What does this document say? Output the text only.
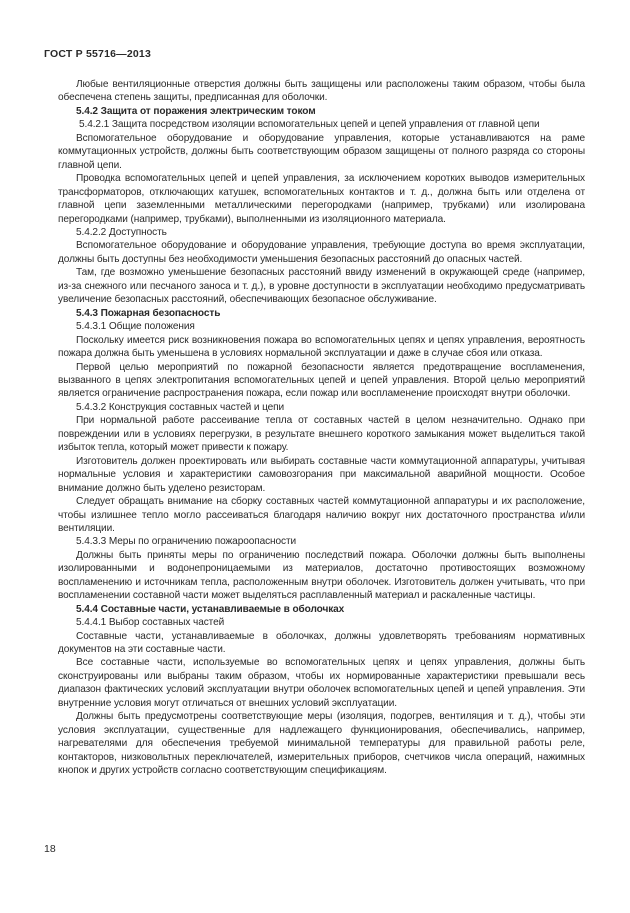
ГОСТ Р 55716—2013

Любые вентиляционные отверстия должны быть защищены или расположены таким образом, чтобы была обеспечена степень защиты, предписанная для оболочки.

5.4.2 Защита от поражения электрическим током

5.4.2.1 Защита посредством изоляции вспомогательных цепей и цепей управления от главной цепи

Вспомогательное оборудование и оборудование управления, которые устанавливаются на раме коммутационных устройств, должны быть соответствующим образом защищены от полного разряда со стороны главной цепи.

Проводка вспомогательных цепей и цепей управления, за исключением коротких выводов измерительных трансформаторов, отключающих катушек, вспомогательных контактов и т. д., должна быть или отделена от главной цепи заземленными металлическими перегородками (например, трубками) или изолирована перегородками (например, трубками), выполненными из изоляционного материала.

5.4.2.2 Доступность

Вспомогательное оборудование и оборудование управления, требующие доступа во время эксплуатации, должны быть доступны без необходимости уменьшения безопасных расстояний до опасных частей.

Там, где возможно уменьшение безопасных расстояний ввиду изменений в окружающей среде (например, из-за снежного или песчаного заноса и т. д.), в уровне доступности в эксплуатации необходимо предусматривать увеличение безопасных расстояний, обеспечивающих безопасное обслуживание.

5.4.3 Пожарная безопасность

5.4.3.1 Общие положения

Поскольку имеется риск возникновения пожара во вспомогательных цепях и цепях управления, вероятность пожара должна быть уменьшена в условиях нормальной эксплуатации и даже в случае сбоя или отказа.

Первой целью мероприятий по пожарной безопасности является предотвращение воспламенения, вызванного в цепях электропитания вспомогательных цепей и цепей управления. Второй целью мероприятий является ограничение распространения пожара, если пожар или воспламенение происходят внутри оболочки.

5.4.3.2 Конструкция составных частей и цепи

При нормальной работе рассеивание тепла от составных частей в целом незначительно. Однако при повреждении или в условиях перегрузки, в результате внешнего короткого замыкания может выделиться такой избыток тепла, который может привести к пожару.

Изготовитель должен проектировать или выбирать составные части коммутационной аппаратуры, учитывая нормальные условия и характеристики самовозгорания при максимальной аварийной мощности. Особое внимание должно быть уделено резисторам.

Следует обращать внимание на сборку составных частей коммутационной аппаратуры и их расположение, чтобы излишнее тепло могло рассеиваться благодаря наличию вокруг них достаточного пространства и/или вентиляции.

5.4.3.3 Меры по ограничению пожароопасности

Должны быть приняты меры по ограничению последствий пожара. Оболочки должны быть выполнены изолированными и водонепроницаемыми из материалов, достаточно противостоящих возможному воспламенению и источникам тепла, расположенным внутри оболочек. Изготовитель должен учитывать, что при воспламенении составной части может выделяться расплавленный материал и раскаленные частицы.

5.4.4 Составные части, устанавливаемые в оболочках

5.4.4.1 Выбор составных частей

Составные части, устанавливаемые в оболочках, должны удовлетворять требованиям нормативных документов на эти составные части.

Все составные части, используемые во вспомогательных цепях и цепях управления, должны быть сконструированы или выбраны таким образом, чтобы их нормированные характеристики превышали весь диапазон фактических условий эксплуатации внутри оболочек вспомогательных цепей и цепей управления. Эти внутренние условия могут отличаться от внешних условий эксплуатации.

Должны быть предусмотрены соответствующие меры (изоляция, подогрев, вентиляция и т. д.), чтобы эти условия эксплуатации, существенные для надлежащего функционирования, обеспечивались, например, нагревателями для обеспечения требуемой минимальной температуры для правильной работы реле, контакторов, низковольтных переключателей, измерительных приборов, счетчиков числа операций, нажимных кнопок и других устройств согласно соответствующим спецификациям.

18
